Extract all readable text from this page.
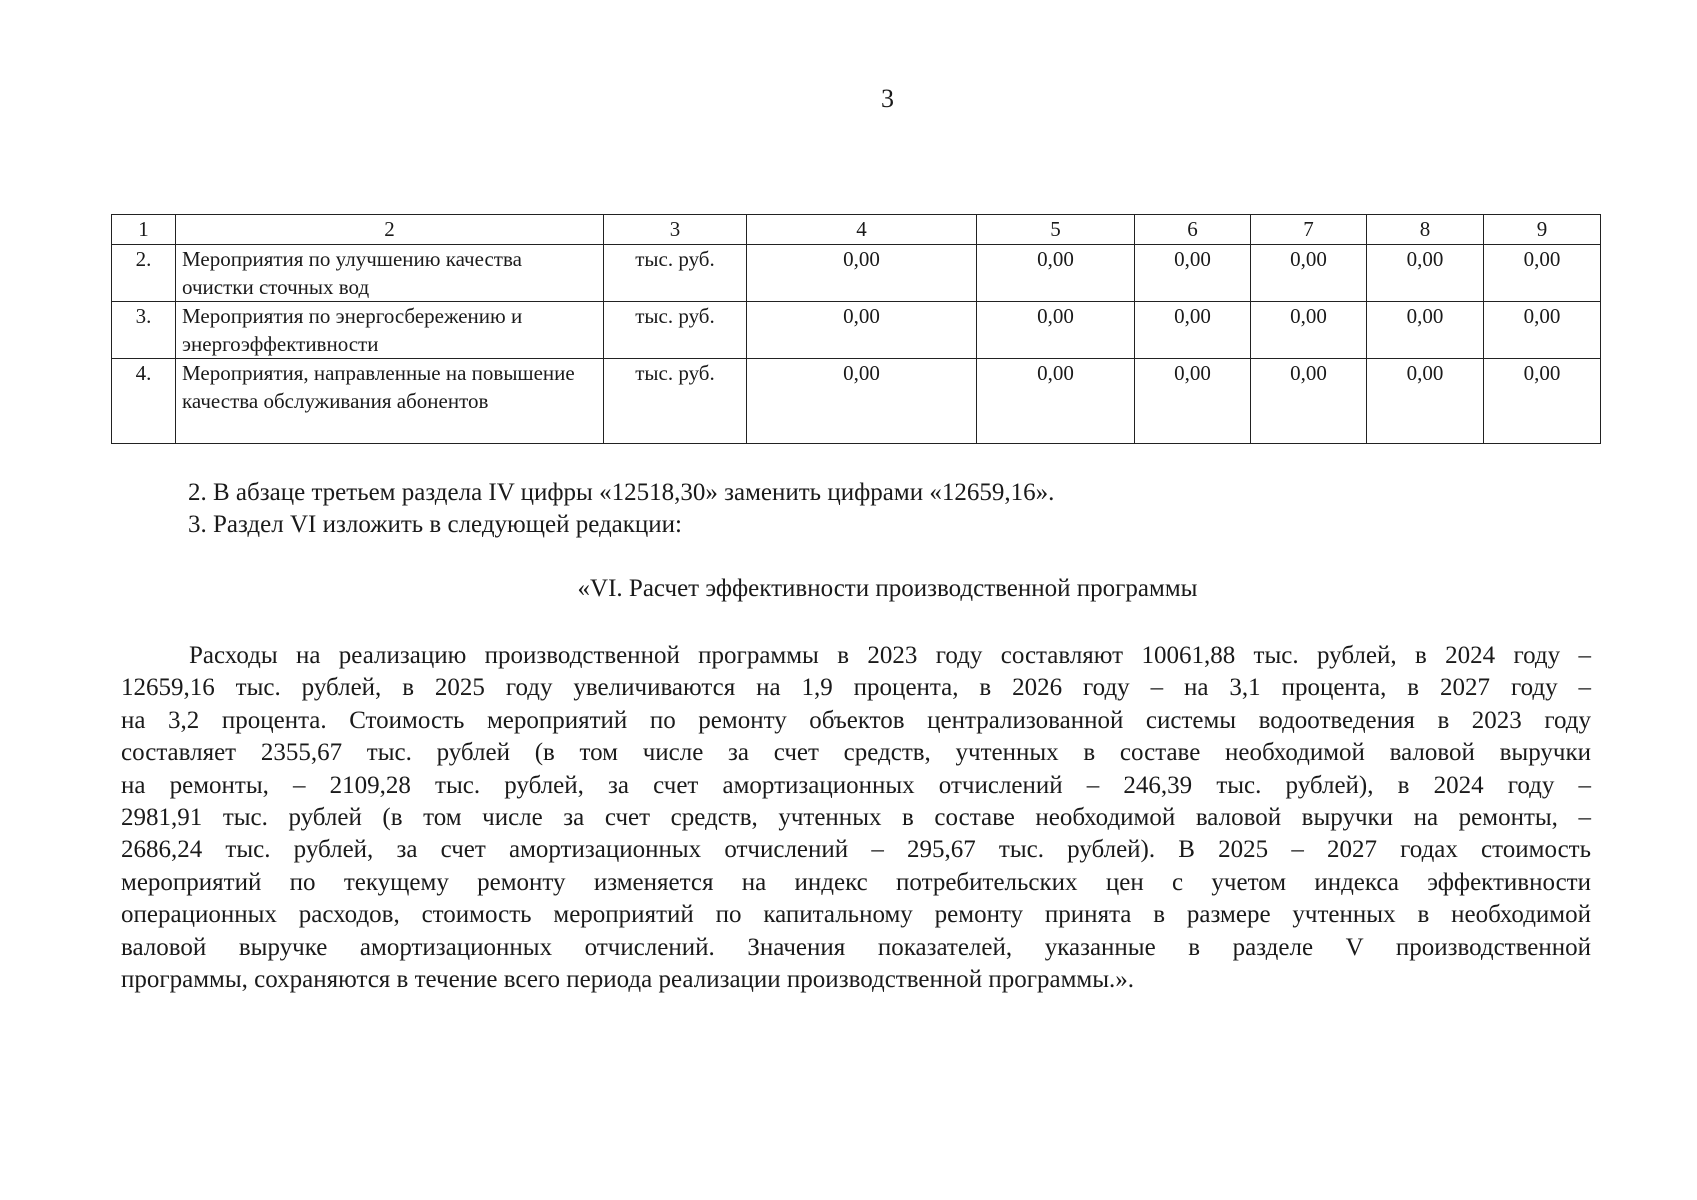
3
1	2	3	4	5	6	7	8	9
2.	Мероприятия по улучшению качества очистки сточных вод	тыс. руб.	0,00	0,00	0,00	0,00	0,00	0,00
3.	Мероприятия по энергосбережению и энергоэффективности	тыс. руб.	0,00	0,00	0,00	0,00	0,00	0,00
4.	Мероприятия, направленные на повышение качества обслуживания абонентов	тыс. руб.	0,00	0,00	0,00	0,00	0,00	0,00
2. В абзаце третьем раздела IV цифры «12518,30» заменить цифрами «12659,16».
3. Раздел VI изложить в следующей редакции:
«VI. Расчет эффективности производственной программы
Расходы на реализацию производственной программы в 2023 году составляют 10061,88 тыс. рублей, в 2024 году –
12659,16 тыс. рублей, в 2025 году увеличиваются на 1,9 процента, в 2026 году – на 3,1 процента, в 2027 году –
на 3,2 процента. Стоимость мероприятий по ремонту объектов централизованной системы водоотведения в 2023 году
составляет 2355,67 тыс. рублей (в том числе за счет средств, учтенных в составе необходимой валовой выручки
на ремонты, – 2109,28 тыс. рублей, за счет амортизационных отчислений – 246,39 тыс. рублей), в 2024 году –
2981,91 тыс. рублей (в том числе за счет средств, учтенных в составе необходимой валовой выручки на ремонты, –
2686,24 тыс. рублей, за счет амортизационных отчислений – 295,67 тыс. рублей). В 2025 – 2027 годах стоимость
мероприятий по текущему ремонту изменяется на индекс потребительских цен с учетом индекса эффективности
операционных расходов, стоимость мероприятий по капитальному ремонту принята в размере учтенных в необходимой
валовой выручке амортизационных отчислений. Значения показателей, указанные в разделе V производственной
программы, сохраняются в течение всего периода реализации производственной программы.».
